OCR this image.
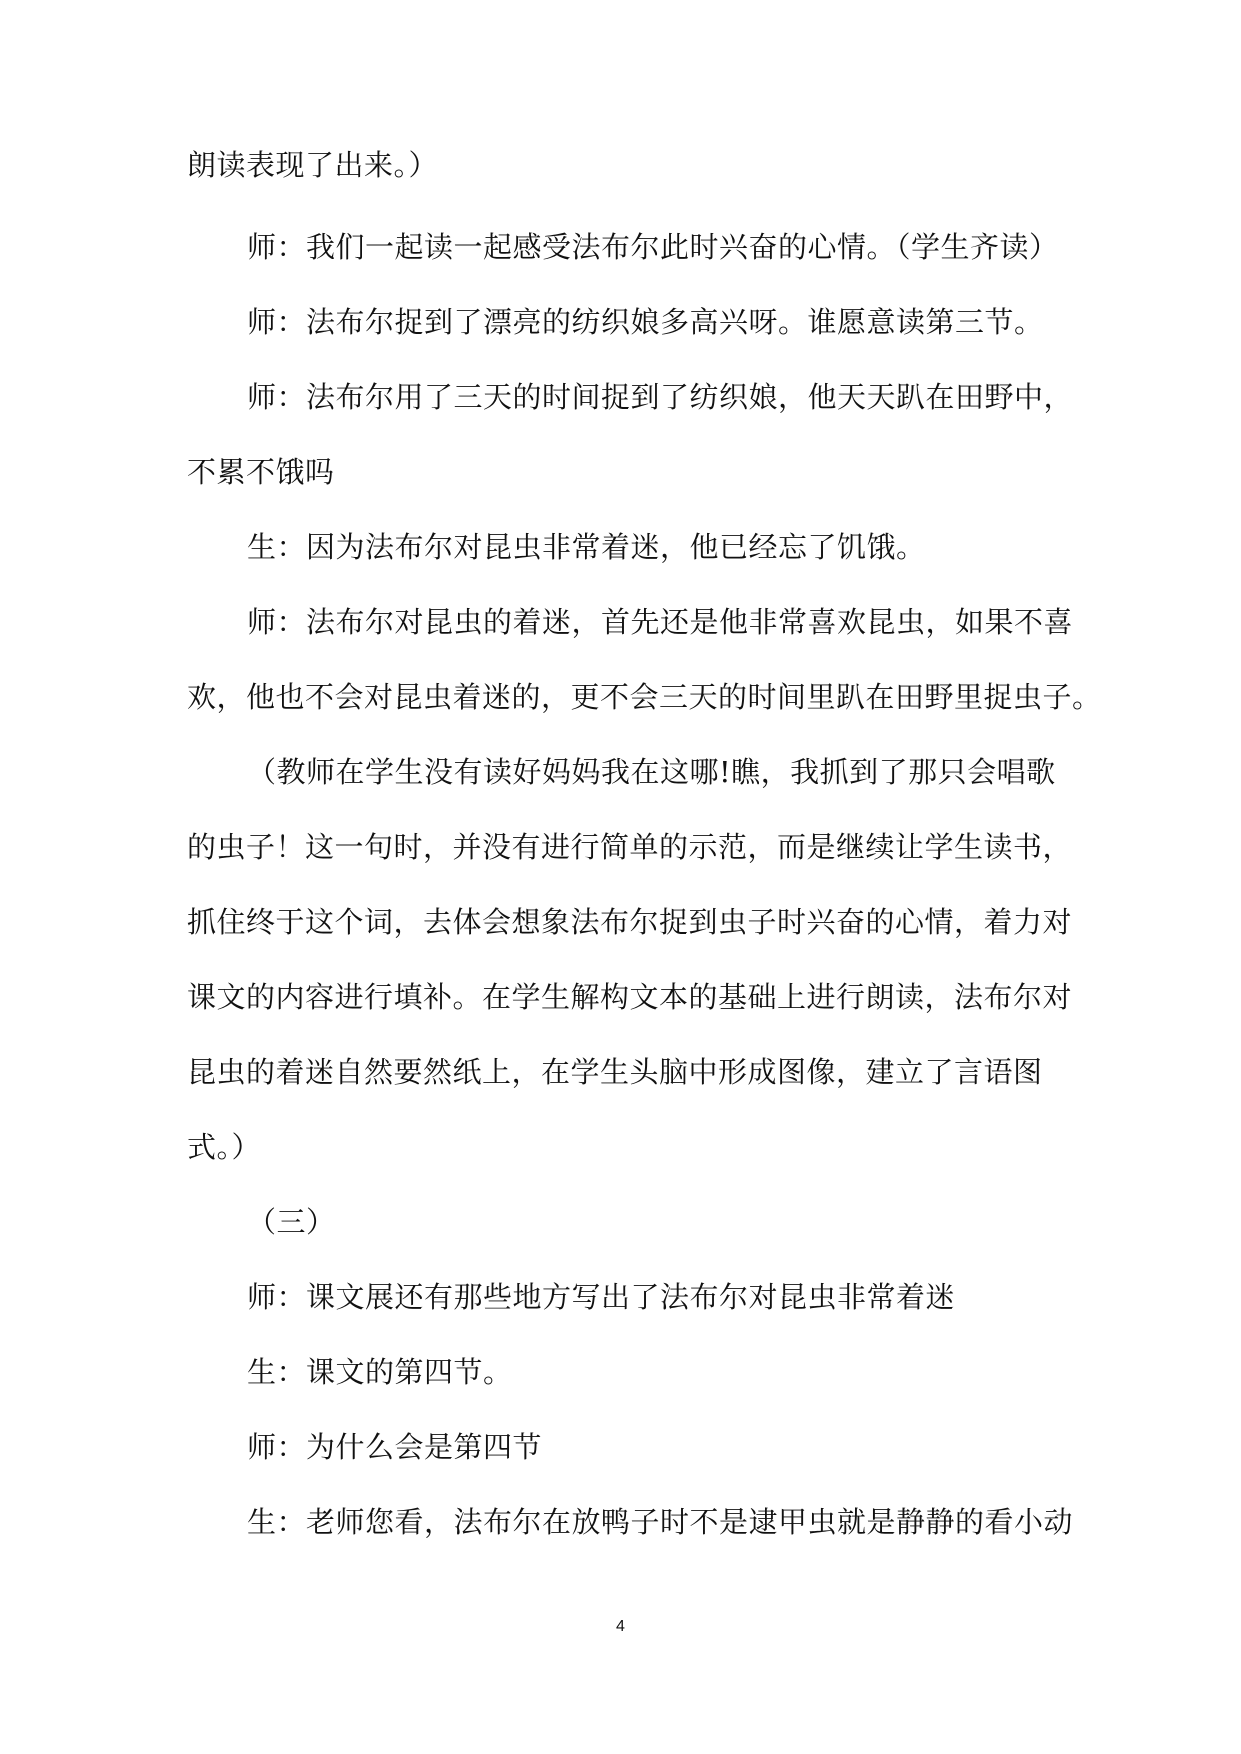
朗读表现了出来。）
师：我们一起读一起感受法布尔此时兴奋的心情。（学生齐读）
师：法布尔捉到了漂亮的纺织娘多高兴呀。谁愿意读第三节。
师：法布尔用了三天的时间捉到了纺织娘，他天天趴在田野中，
不累不饿吗
生：因为法布尔对昆虫非常着迷，他已经忘了饥饿。
师：法布尔对昆虫的着迷，首先还是他非常喜欢昆虫，如果不喜
欢，他也不会对昆虫着迷的，更不会三天的时间里趴在田野里捉虫子。
（教师在学生没有读好妈妈我在这哪!瞧，我抓到了那只会唱歌
的虫子！这一句时，并没有进行简单的示范，而是继续让学生读书，
抓住终于这个词，去体会想象法布尔捉到虫子时兴奋的心情，着力对
课文的内容进行填补。在学生解构文本的基础上进行朗读，法布尔对
昆虫的着迷自然要然纸上，在学生头脑中形成图像，建立了言语图
式。）
（三）
师：课文展还有那些地方写出了法布尔对昆虫非常着迷
生：课文的第四节。
师：为什么会是第四节
生：老师您看，法布尔在放鸭子时不是逮甲虫就是静静的看小动
4
